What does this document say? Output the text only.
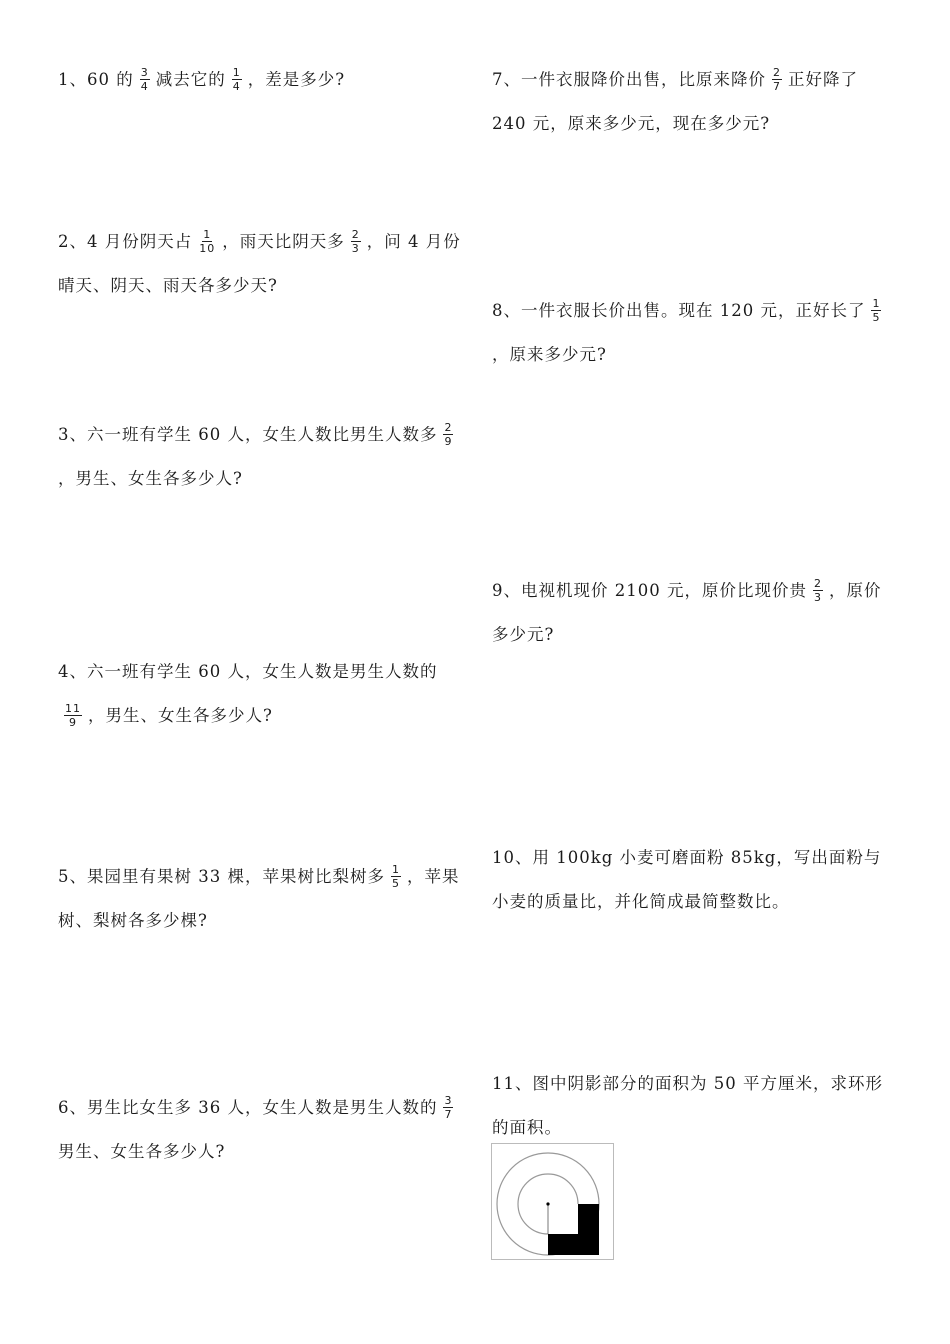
1、60 的 $\frac{3}{4}$ 减去它的 $\frac{1}{4}$ ，差是多少?
2、4 月份阴天占 $\frac{1}{10}$ ，雨天比阴天多 $\frac{2}{3}$ ，问 4 月份晴天、阴天、雨天各多少天?
3、六一班有学生 60 人，女生人数比男生人数多 $\frac{2}{9}$
，男生、女生各多少人?
4、六一班有学生 60 人，女生人数是男生人数的
$\frac{11}{9}$ ，男生、女生各多少人?
5、果园里有果树 33 棵，苹果树比梨树多 $\frac{1}{5}$ ，苹果树、梨树各多少棵?
6、男生比女生多 36 人，女生人数是男生人数的 $\frac{3}{7}$
男生、女生各多少人?
7、一件衣服降价出售，比原来降价 $\frac{2}{7}$ 正好降了 240 元，原来多少元，现在多少元?
8、一件衣服长价出售。现在 120 元，正好长了 $\frac{1}{5}$
，原来多少元?
9、电视机现价 2100 元，原价比现价贵 $\frac{2}{3}$ ，原价多少元?
10、用 100kg 小麦可磨面粉 85kg，写出面粉与小麦的质量比，并化简成最简整数比。
11、图中阴影部分的面积为 50 平方厘米，求环形的面积。
